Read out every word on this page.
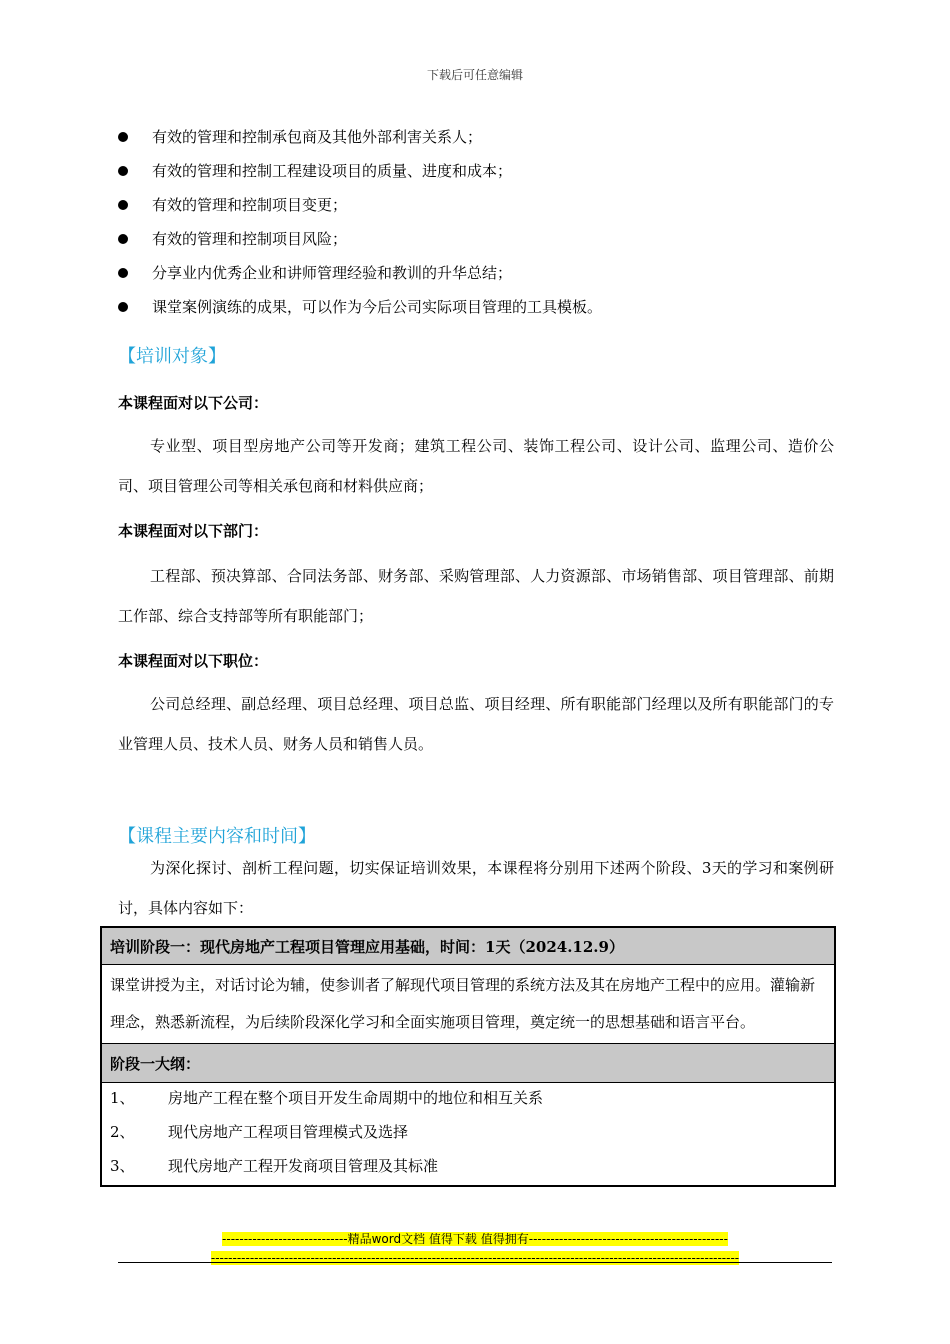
下载后可任意编辑
有效的管理和控制承包商及其他外部利害关系人；
有效的管理和控制工程建设项目的质量、进度和成本；
有效的管理和控制项目变更；
有效的管理和控制项目风险；
分享业内优秀企业和讲师管理经验和教训的升华总结；
课堂案例演练的成果，可以作为今后公司实际项目管理的工具模板。
【培训对象】
本课程面对以下公司：
专业型、项目型房地产公司等开发商；建筑工程公司、装饰工程公司、设计公司、监理公司、造价公司、项目管理公司等相关承包商和材料供应商；
本课程面对以下部门：
工程部、预决算部、合同法务部、财务部、采购管理部、人力资源部、市场销售部、项目管理部、前期工作部、综合支持部等所有职能部门；
本课程面对以下职位：
公司总经理、副总经理、项目总经理、项目总监、项目经理、所有职能部门经理以及所有职能部门的专业管理人员、技术人员、财务人员和销售人员。
【课程主要内容和时间】
为深化探讨、剖析工程问题，切实保证培训效果，本课程将分别用下述两个阶段、3天的学习和案例研讨，具体内容如下：
培训阶段一：现代房地产工程项目管理应用基础，时间：1天（2024.12.9）
课堂讲授为主，对话讨论为辅，使参训者了解现代项目管理的系统方法及其在房地产工程中的应用。灌输新理念，熟悉新流程，为后续阶段深化学习和全面实施项目管理，奠定统一的思想基础和语言平台。
阶段一大纲：

1、	房地产工程在整个项目开发生命周期中的地位和相互关系
2、	现代房地产工程项目管理模式及选择
3、	现代房地产工程开发商项目管理及其标准
-----------------------------精品word文档 值得下载 值得拥有----------------------------------------------
--------------------------------------------------------------------------------------------------------------------------
